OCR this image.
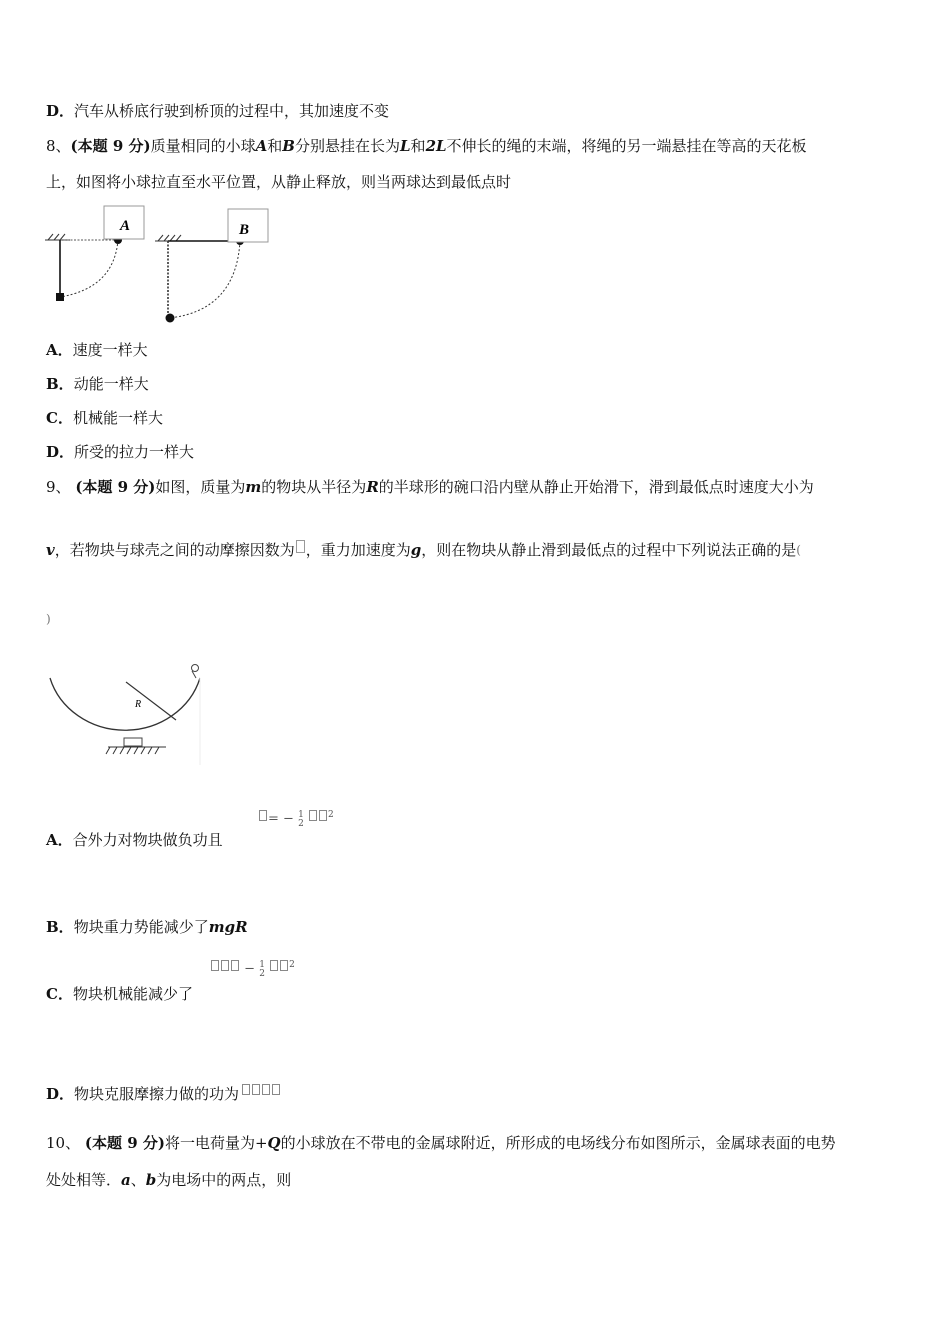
D．汽车从桥底行驶到桥顶的过程中，其加速度不变
8、(本题 9 分)质量相同的小球A和B分别悬挂在长为L和2L不伸长的绳的末端，将绳的另一端悬挂在等高的天花板
上，如图将小球拉直至水平位置，从静止释放，则当两球达到最低点时
A	B
A．速度一样大
B．动能一样大
C．机械能一样大
D．所受的拉力一样大
9、 (本题 9 分)如图，质量为m的物块从半径为R的半球形的碗口沿内壁从静止开始滑下，滑到最低点时速度大小为
v，若物块与球壳之间的动摩擦因数为 ，重力加速度为g，则在物块从静止滑到最低点的过程中下列说法正确的是(
)
R
A．合外力对物块做负功且
= − 1
2 $^2$
B．物块重力势能减少了mgR
C．物块机械能减少了
− 1
2 $^2$
D．物块克服摩擦力做的功为
10、 (本题 9 分)将一电荷量为+Q的小球放在不带电的金属球附近，所形成的电场线分布如图所示，金属球表面的电势
处处相等．a、b为电场中的两点，则
